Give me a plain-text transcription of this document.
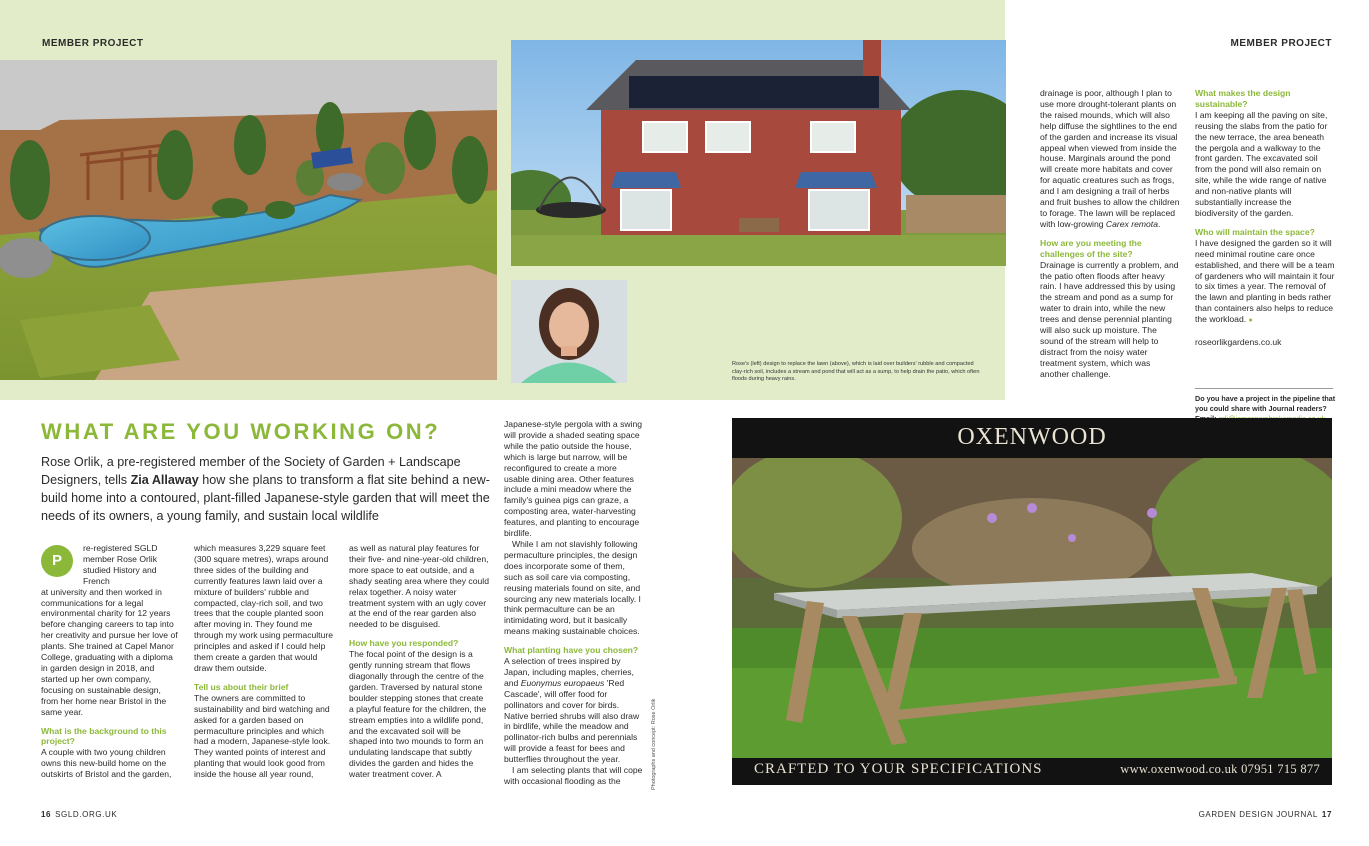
MEMBER PROJECT	MEMBER PROJECT
Rose's (left) design to replace the lawn (above), which is laid over builders' rubble and compacted clay-rich soil, includes a stream and pond that will act as a sump, to help drain the patio, which often floods during heavy rains.

drainage is poor, although I plan to use more drought-tolerant plants on the raised mounds, which will also help diffuse the sightlines to the end of the garden and increase its visual appeal when viewed from inside the house. Marginals around the pond will create more habitats and cover for aquatic creatures such as frogs, and I am designing a trail of herbs and fruit bushes to allow the children to forage. The lawn will be replaced with low-growing Carex remota.

How are you meeting the challenges of the site?

Drainage is currently a problem, and the patio often floods after heavy rain. I have addressed this by using the stream and pond as a sump for water to drain into, while the new trees and dense perennial planting will also suck up moisture. The sound of the stream will help to distract from the noisy water treatment system, which was another challenge.

What makes the design sustainable?

I am keeping all the paving on site, reusing the slabs from the patio for the new terrace, the area beneath the pergola and a walkway to the front garden. The excavated soil from the pond will also remain on site, while the wide range of native and non-native plants will substantially increase the biodiversity of the garden.

Who will maintain the space?

I have designed the garden so it will need minimal routine care once established, and there will be a team of gardeners who will maintain it four to six times a year. The removal of the lawn and planting in beds rather than containers also helps to reduce the workload. ●

roseorlikgardens.co.uk

Do you have a project in the pipeline that you could share with Journal readers?
WHAT ARE YOU WORKING ON?
Rose Orlik, a pre-registered member of the Society of Garden + Landscape Designers, tells Zia Allaway how she plans to transform a flat site behind a new-build home into a contoured, plant-filled Japanese-style garden that will meet the needs of its owners, a young family, and sustain local wildlife
P

re-registered SGLD member Rose Orlik studied History and French

at university and then worked in communications for a legal environmental charity for 12 years before changing careers to tap into her creativity and pursue her love of plants. She trained at Capel Manor College, graduating with a diploma in garden design in 2018, and started up her own company, focusing on sustainable design, from her home near Bristol in the same year.

What is the background to this project?

A couple with two young children owns this new-build home on the outskirts of Bristol and the garden,

which measures 3,229 square feet (300 square metres), wraps around three sides of the building and currently features lawn laid over a mixture of builders' rubble and compacted, clay-rich soil, and two trees that the couple planted soon after moving in. They found me through my work using permaculture principles and asked if I could help them create a garden that would draw them outside.

Tell us about their brief

The owners are committed to sustainability and bird watching and asked for a garden based on permaculture principles and which had a modern, Japanese-style look. They wanted points of interest and planting that would look good from inside the house all year round,

as well as natural play features for their five- and nine-year-old children, more space to eat outside, and a shady seating area where they could relax together. A noisy water treatment system with an ugly cover at the end of the rear garden also needed to be disguised.

How have you responded?

The focal point of the design is a gently running stream that flows diagonally through the centre of the garden. Traversed by natural stone boulder stepping stones that create a playful feature for the children, the stream empties into a wildlife pond, and the excavated soil will be shaped into two mounds to form an undulating landscape that subtly divides the garden and hides the water treatment cover. A

Japanese-style pergola with a swing will provide a shaded seating space while the patio outside the house, which is large but narrow, will be reconfigured to create a more usable dining area. Other features include a mini meadow where the family's guinea pigs can graze, a composting area, water-harvesting features, and planting to encourage birdlife.

While I am not slavishly following permaculture principles, the design does incorporate some of them, such as soil care via composting, reusing materials found on site, and sourcing any new materials locally. I think permaculture can be an intimidating word, but it basically means making sustainable choices.

What planting have you chosen?

A selection of trees inspired by Japan, including maples, cherries, and Euonymus europaeus 'Red Cascade', will offer food for pollinators and cover for birds. Native berried shrubs will also draw in birdlife, while the meadow and pollinator-rich bulbs and perennials will provide a feast for bees and butterflies throughout the year.

I am selecting plants that will cope with occasional flooding as the	Photographs and concept: Rose Orlik
OXENWOOD
CRAFTED TO YOUR SPECIFICATIONS	www.oxenwood.co.uk 07951 715 877
16 SGLD.ORG.UK	GARDEN DESIGN JOURNAL 17
